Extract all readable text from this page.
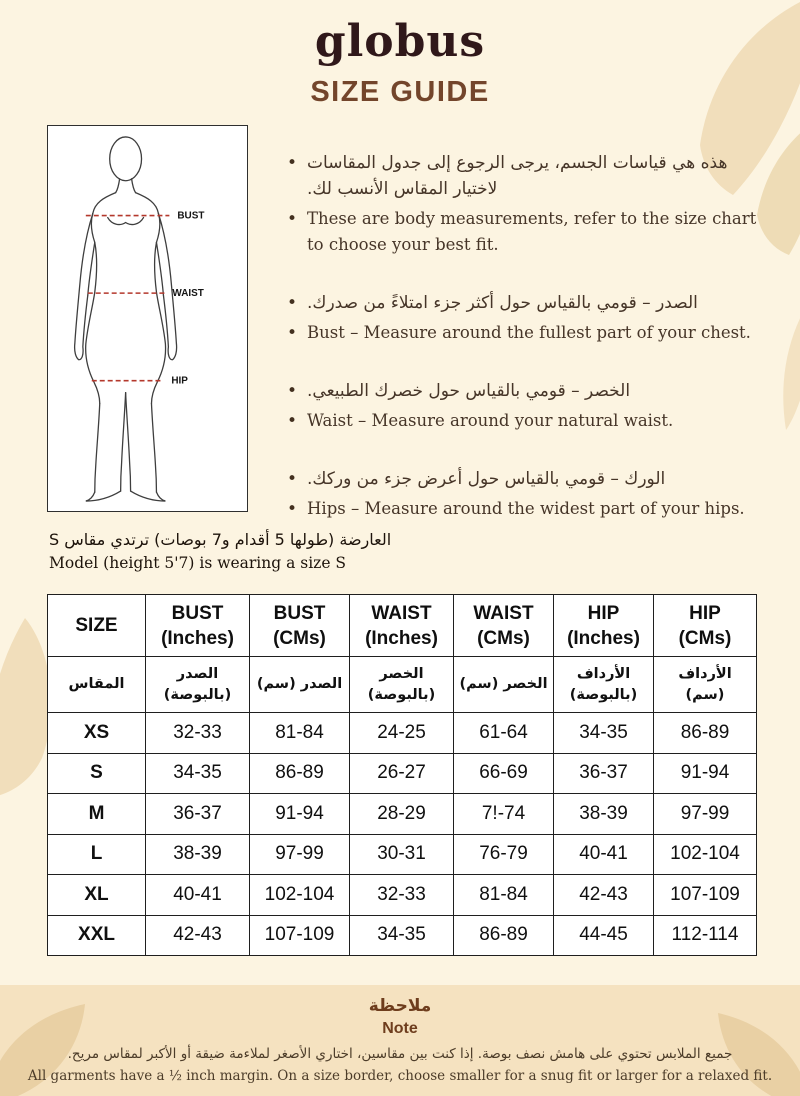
globus
SIZE GUIDE
BUST
WAIST
HIP
• هذه هي قياسات الجسم، يرجى الرجوع إلى جدول المقاسات لاختيار المقاس الأنسب لك.
• These are body measurements, refer to the size chart to choose your best fit.
• الصدر – قومي بالقياس حول أكثر جزء امتلاءً من صدرك.
• Bust – Measure around the fullest part of your chest.
• الخصر – قومي بالقياس حول خصرك الطبيعي.
• Waist – Measure around your natural waist.
• الورك – قومي بالقياس حول أعرض جزء من وركك.
• Hips – Measure around the widest part of your hips.
العارضة (طولها 5 أقدام و7 بوصات) ترتدي مقاس S
Model (height 5'7) is wearing a size S
SIZE

BUST
(Inches)

BUST
(CMs)

WAIST
(Inches)

WAIST
(CMs)

HIP
(Inches)

HIP
(CMs)

المقاس	الصدر (بالبوصة)	الصدر (سم)	الخصر (بالبوصة)	الخصر (سم)	الأرداف (بالبوصة)	الأرداف (سم)
XS	32-33	81-84	24-25	61-64	34-35	86-89
S	34-35	86-89	26-27	66-69	36-37	91-94
M	36-37	91-94	28-29	7!-74	38-39	97-99
L	38-39	97-99	30-31	76-79	40-41	102-104
XL	40-41	102-104	32-33	81-84	42-43	107-109
XXL	42-43	107-109	34-35	86-89	44-45	112-114
ملاحظة
Note
جميع الملابس تحتوي على هامش نصف بوصة. إذا كنت بين مقاسين، اختاري الأصغر لملاءمة ضيقة أو الأكبر لمقاس مريح.
All garments have a ½ inch margin. On a size border, choose smaller for a snug fit or larger for a relaxed fit.
